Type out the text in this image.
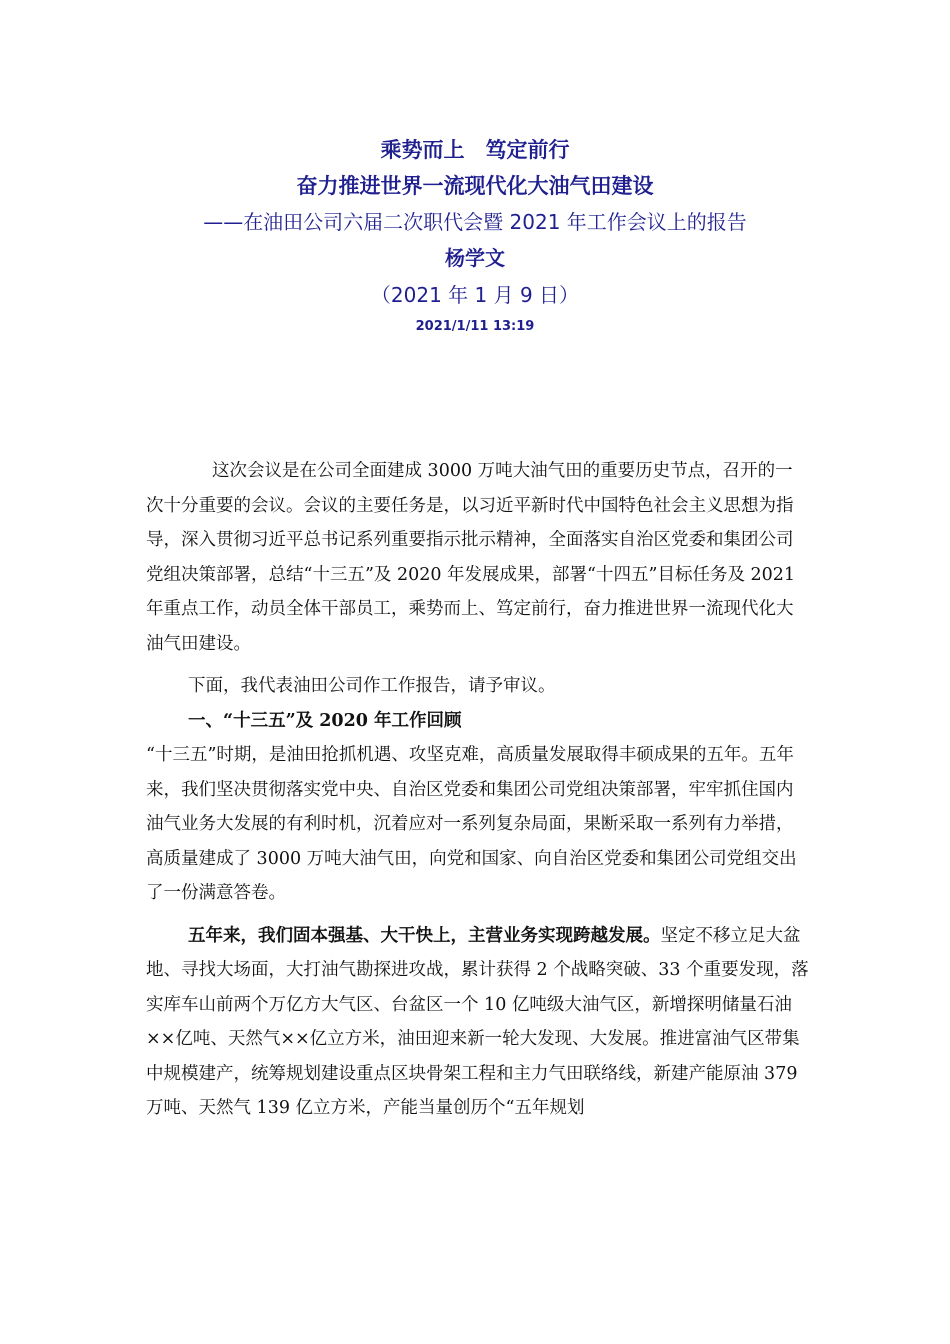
乘势而上　笃定前行

奋力推进世界一流现代化大油气田建设

——在油田公司六届二次职代会暨 2021 年工作会议上的报告

杨学文

（2021 年 1 月 9 日）

2021/1/11 13:19

这次会议是在公司全面建成 3000 万吨大油气田的重要历史节点，召开的一次十分重要的会议。会议的主要任务是，以习近平新时代中国特色社会主义思想为指导，深入贯彻习近平总书记系列重要指示批示精神，全面落实自治区党委和集团公司党组决策部署，总结“十三五”及 2020 年发展成果，部署“十四五”目标任务及 2021 年重点工作，动员全体干部员工，乘势而上、笃定前行，奋力推进世界一流现代化大油气田建设。

下面，我代表油田公司作工作报告，请予审议。

一、“十三五”及 2020 年工作回顾

“十三五”时期，是油田抢抓机遇、攻坚克难，高质量发展取得丰硕成果的五年。五年来，我们坚决贯彻落实党中央、自治区党委和集团公司党组决策部署，牢牢抓住国内油气业务大发展的有利时机，沉着应对一系列复杂局面，果断采取一系列有力举措，高质量建成了 3000 万吨大油气田，向党和国家、向自治区党委和集团公司党组交出了一份满意答卷。

五年来，我们固本强基、大干快上，主营业务实现跨越发展。坚定不移立足大盆地、寻找大场面，大打油气勘探进攻战，累计获得 2 个战略突破、33 个重要发现，落实库车山前两个万亿方大气区、台盆区一个 10 亿吨级大油气区，新增探明储量石油××亿吨、天然气××亿立方米，油田迎来新一轮大发现、大发展。推进富油气区带集中规模建产，统筹规划建设重点区块骨架工程和主力气田联络线，新建产能原油 379 万吨、天然气 139 亿立方米，产能当量创历个“五年规划
